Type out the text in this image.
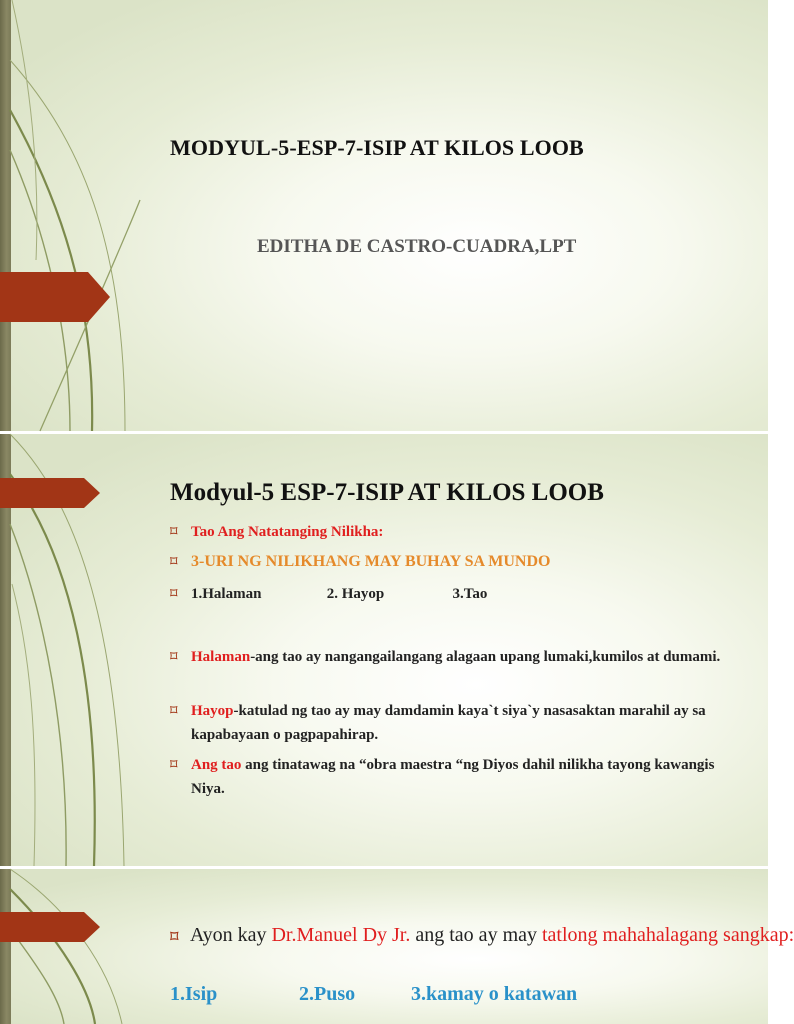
MODYUL-5-ESP-7-ISIP AT KILOS LOOB
EDITHA DE CASTRO-CUADRA,LPT
Modyul-5 ESP-7-ISIP AT KILOS LOOB
⌑ Tao Ang Natatanging Nilikha:
⌑ 3-URI NG NILIKHANG MAY BUHAY SA MUNDO
⌑ 1.Halaman	2. Hayop	3.Tao
⌑ Halaman-ang tao ay nangangailangang alagaan upang lumaki,kumilos at dumami.
⌑ Hayop-katulad ng tao ay may damdamin kaya`t siya`y nasasaktan marahil ay sa kapabayaan o pagpapahirap.
⌑ Ang tao ang tinatawag na “obra maestra “ng Diyos dahil nilikha tayong kawangis Niya.
⌑ Ayon kay Dr.Manuel Dy Jr. ang tao ay may tatlong mahahalagang sangkap:
1.Isip	2.Puso	3.kamay o katawan
